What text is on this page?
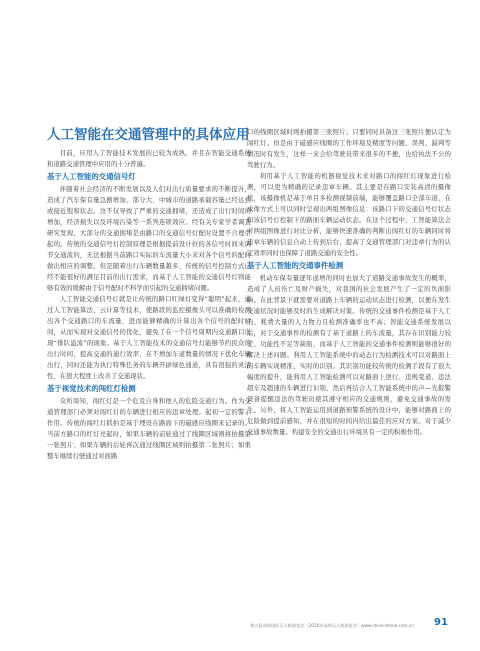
人工智能在交通管理中的具体应用

目前，应用人工智能技术发展的已较为成熟，并且在智能交通系统和道路交通管理中应用的十分普遍。

基于人工智能的交通信号灯

伴随着社会经济的不断发展以及人们对出行质量要求的不断提升，造成了汽车保有量急剧增加，部分大、中城市的道路承载容量已经达到或接近饱和状态。这不仅导致了严重的交通拥堵，还造成了出行时间的增加，经济损失以及环境污染等一系列连锁效应。经有关专家学者调查研究发现，大部分的交通拥堵是由路口的交通信号灯配时设置不合理引起的。传统的交通信号灯控制原理是根据提前设计好的各信号时间来调节交通流的，无法根据当前路口实际的车流量大小来对各个信号的配时做出相应的调整。但是随着出行车辆数量越多，传统的信号控制方式已经不能很好的满足目前的出行需求，而基于人工智能的交通信号灯则能够有效的缓解由于信号配时不科学而引起的交通拥堵问题。

人工智能交通信号灯就是让传统的路口红绿灯变得“聪明”起来，通过人工智能算法、云计算等技术，使路段的监控摄像头可以准确的检测出各个交通路口的车流量，进而能够精确的计算出各个信号的配时时间，从而实现对交通信号的优化，避免了在一个信号周期内交通路口出现“排队溢流”的现象。基于人工智能技术的交通信号灯能够节约民众的出行时间，提高交通的通行效率，在不增加车道数量的情况下优化车辆出行，同时还能为执行特殊任务的车辆开辟绿色通道，具有很强的灵活性，在很大程度上改善了交通现状。

基于视觉技术的闯红灯检测

众所周知，闯红灯是一个危及自身和他人的危险交通行为。作为交通管理部门必须对闯红灯的车辆进行相应的违章处理。起初一定的警示作用。传统的闯红灯抓拍是基于埋设在路面下的磁感应线圈来记录的。当前方路口的红灯亮起时，如果车辆的前轮通过了线圈区域则将拍摄第一张照片；如果车辆的后轮再次通过线圈区域则拍摄第二张照片；如果整车继续行驶通过对面路

口的线圈区域时则拍摄第三张照片；只要同时具备这三张照片便认定为闯红灯。但是由于磁感应线圈的工作环境及精度等问题，误判、漏判等情况时有发生，这样一来会给驾驶员带来很多的不便，也给执法不公的驾驶行为。

利用基于人工智能的机器视觉技术来对路口的闯红灯现象进行检测，可以更为精确的记录违章车辆。其主要是在路口安装高清的摄像机，该摄像机是基于单目多检测视频前端，能够覆盖路口全部车道，在成像方式上可以同时呈现出两组图像信息：该路口下的交通信号灯状态和该信号灯控制下的路面车辆运动状态。在这个过程中，工智能算法会对两组图像进行对比分析，能够快速准确的判断出闯红灯的车辆同时将违章车辆的信息自动上传到后台，提高了交通管理部门对违章行为的认定效率同时也保障了道路交通的安全性。

基于人工智能的交通事件检测

机动车保有量逐年递增的同时也加大了道路交通事故发生的概率，造成了人员伤亡及财产损失，对我国的社会发展产生了一定的负面影响。在此背景下就需要对道路上车辆的运动状态进行检测，以便在发生交通状况时能够及时的生成解决对策。传统的交通事件检测是基于人工的，耗费大量的人力物力且检测准确率也不高；智能交通系统发展以后，对于交通事件的检测有了基于道路上的车流量，其存在识别能力较差、功能性不足等缺陷，而基于人工智能的交通事件检测则能够很好的解决上述问题。利用人工智能系统中的动态行为检测技术可以对路面上的车辆实现精准、实时的识别。其识别功能较传统的检测手段有了很大幅度的提升，能利用人工智能检测可以对路面上逆行、违规变道、违法超车及超速的车辆进行识别、然后再结合人工智能系统中的声—光报警设备提醒违法的驾驶员使其遵守相应的交通规则，避免交通事故的发生。另外，将人工智能运用到道路预警系统的设计中，能够对路面上的危险做到提前感知，并在很短的时间内给出最佳的应对方案。对于减少交通事故数量、构建安全的交通出行环境具有一定的积极作用。

第五届深圳国际无人机展览会（2020年深圳无人机展览会）www.china-drone.com.cn	91
